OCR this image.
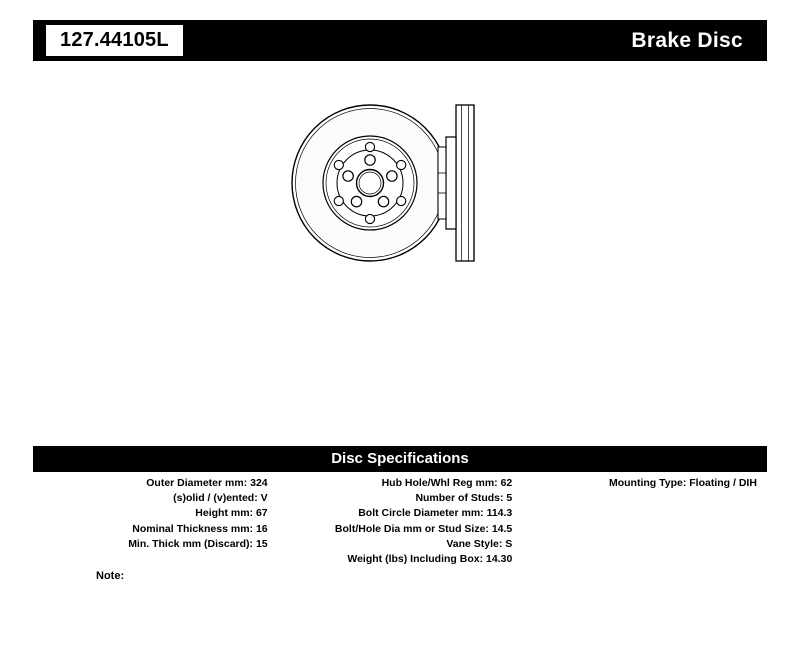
127.44105L	Brake Disc
Disc Specifications
Outer Diameter mm: 324
(s)olid / (v)ented: V
Height mm: 67
Nominal Thickness mm: 16
Min. Thick mm (Discard): 15
Hub Hole/Whl Reg mm: 62
Number of Studs: 5
Bolt Circle Diameter mm: 114.3
Bolt/Hole Dia mm or Stud Size: 14.5
Vane Style: S
Weight (lbs) Including Box: 14.30
Mounting Type: Floating / DIH
Note:
